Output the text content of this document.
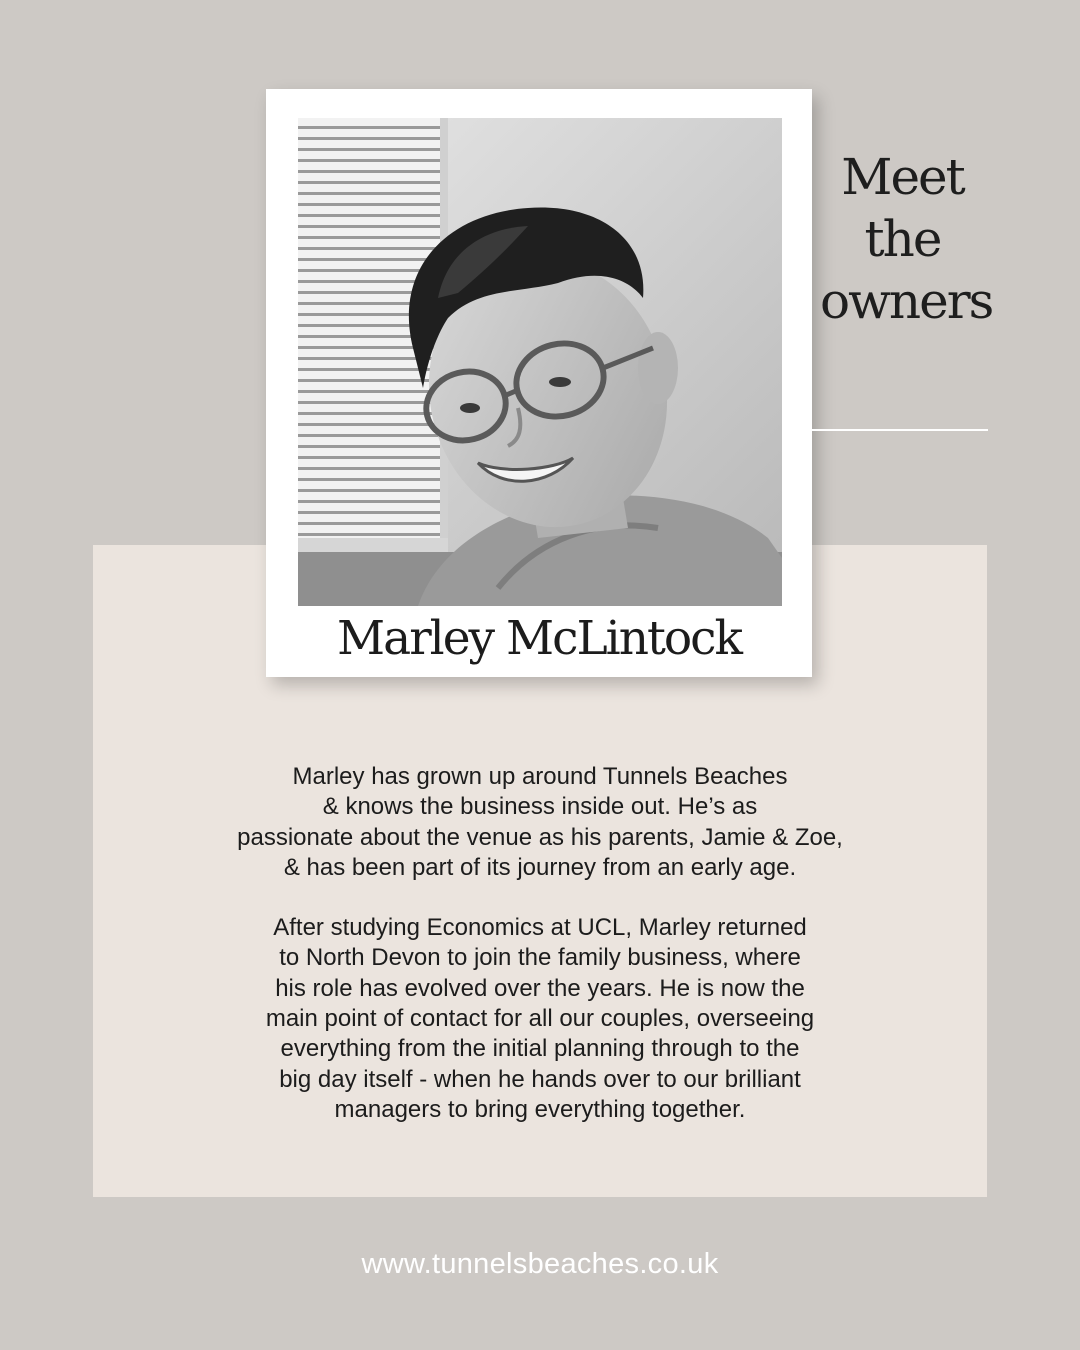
Marley McLintock
Meet
the
owners

Marley has grown up around Tunnels Beaches
& knows the business inside out. He’s as
passionate about the venue as his parents, Jamie & Zoe,
& has been part of its journey from an early age.

After studying Economics at UCL, Marley returned
to North Devon to join the family business, where
his role has evolved over the years. He is now the
main point of contact for all our couples, overseeing
everything from the initial planning through to the
big day itself - when he hands over to our brilliant
managers to bring everything together.

www.tunnelsbeaches.co.uk
